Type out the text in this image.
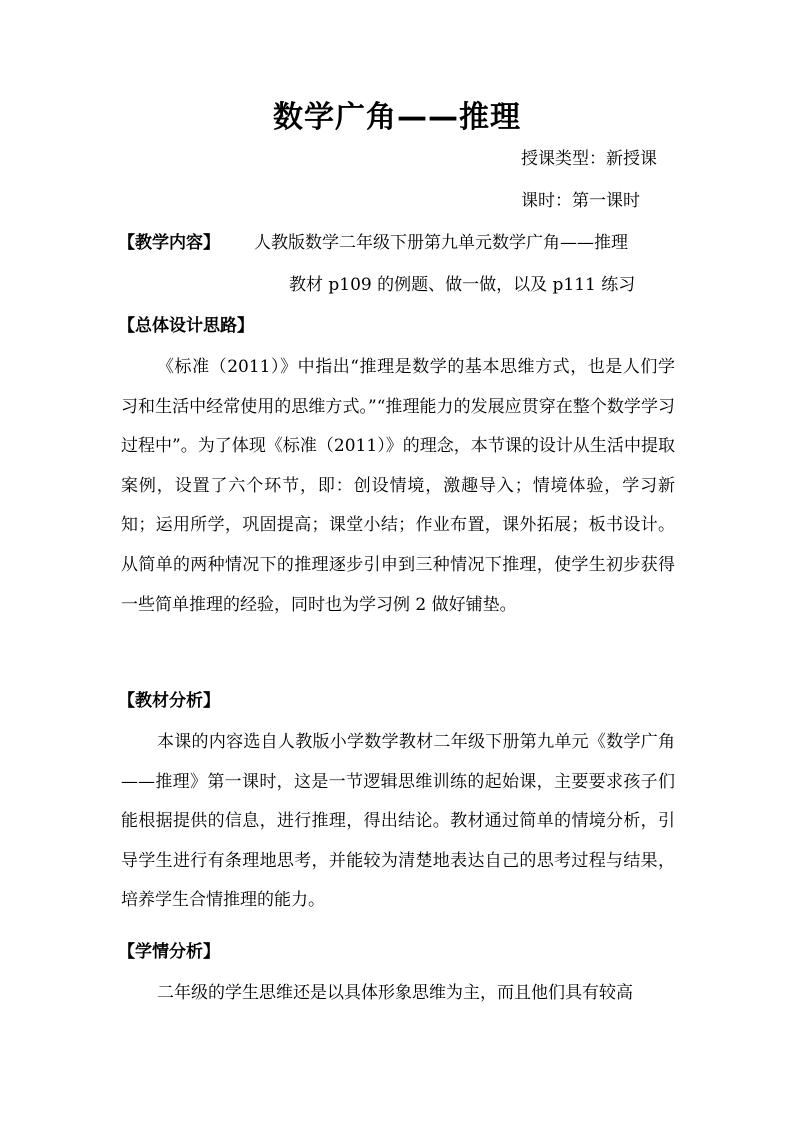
数学广角——推理
授课类型：新授课
课时：第一课时
【教学内容】 人教版数学二年级下册第九单元数学广角——推理
教材 p109 的例题、做一做，以及 p111 练习
【总体设计思路】
《标准（2011）》中指出“推理是数学的基本思维方式，也是人们学习和生活中经常使用的思维方式。”“推理能力的发展应贯穿在整个数学学习过程中”。为了体现《标准（2011）》的理念，本节课的设计从生活中提取案例，设置了六个环节，即：创设情境，激趣导入；情境体验，学习新知；运用所学，巩固提高；课堂小结；作业布置，课外拓展；板书设计。从简单的两种情况下的推理逐步引申到三种情况下推理，使学生初步获得一些简单推理的经验，同时也为学习例 2 做好铺垫。
【教材分析】
本课的内容选自人教版小学数学教材二年级下册第九单元《数学广角——推理》第一课时，这是一节逻辑思维训练的起始课，主要要求孩子们能根据提供的信息，进行推理，得出结论。教材通过简单的情境分析，引导学生进行有条理地思考，并能较为清楚地表达自己的思考过程与结果，培养学生合情推理的能力。
【学情分析】
二年级的学生思维还是以具体形象思维为主，而且他们具有较高
